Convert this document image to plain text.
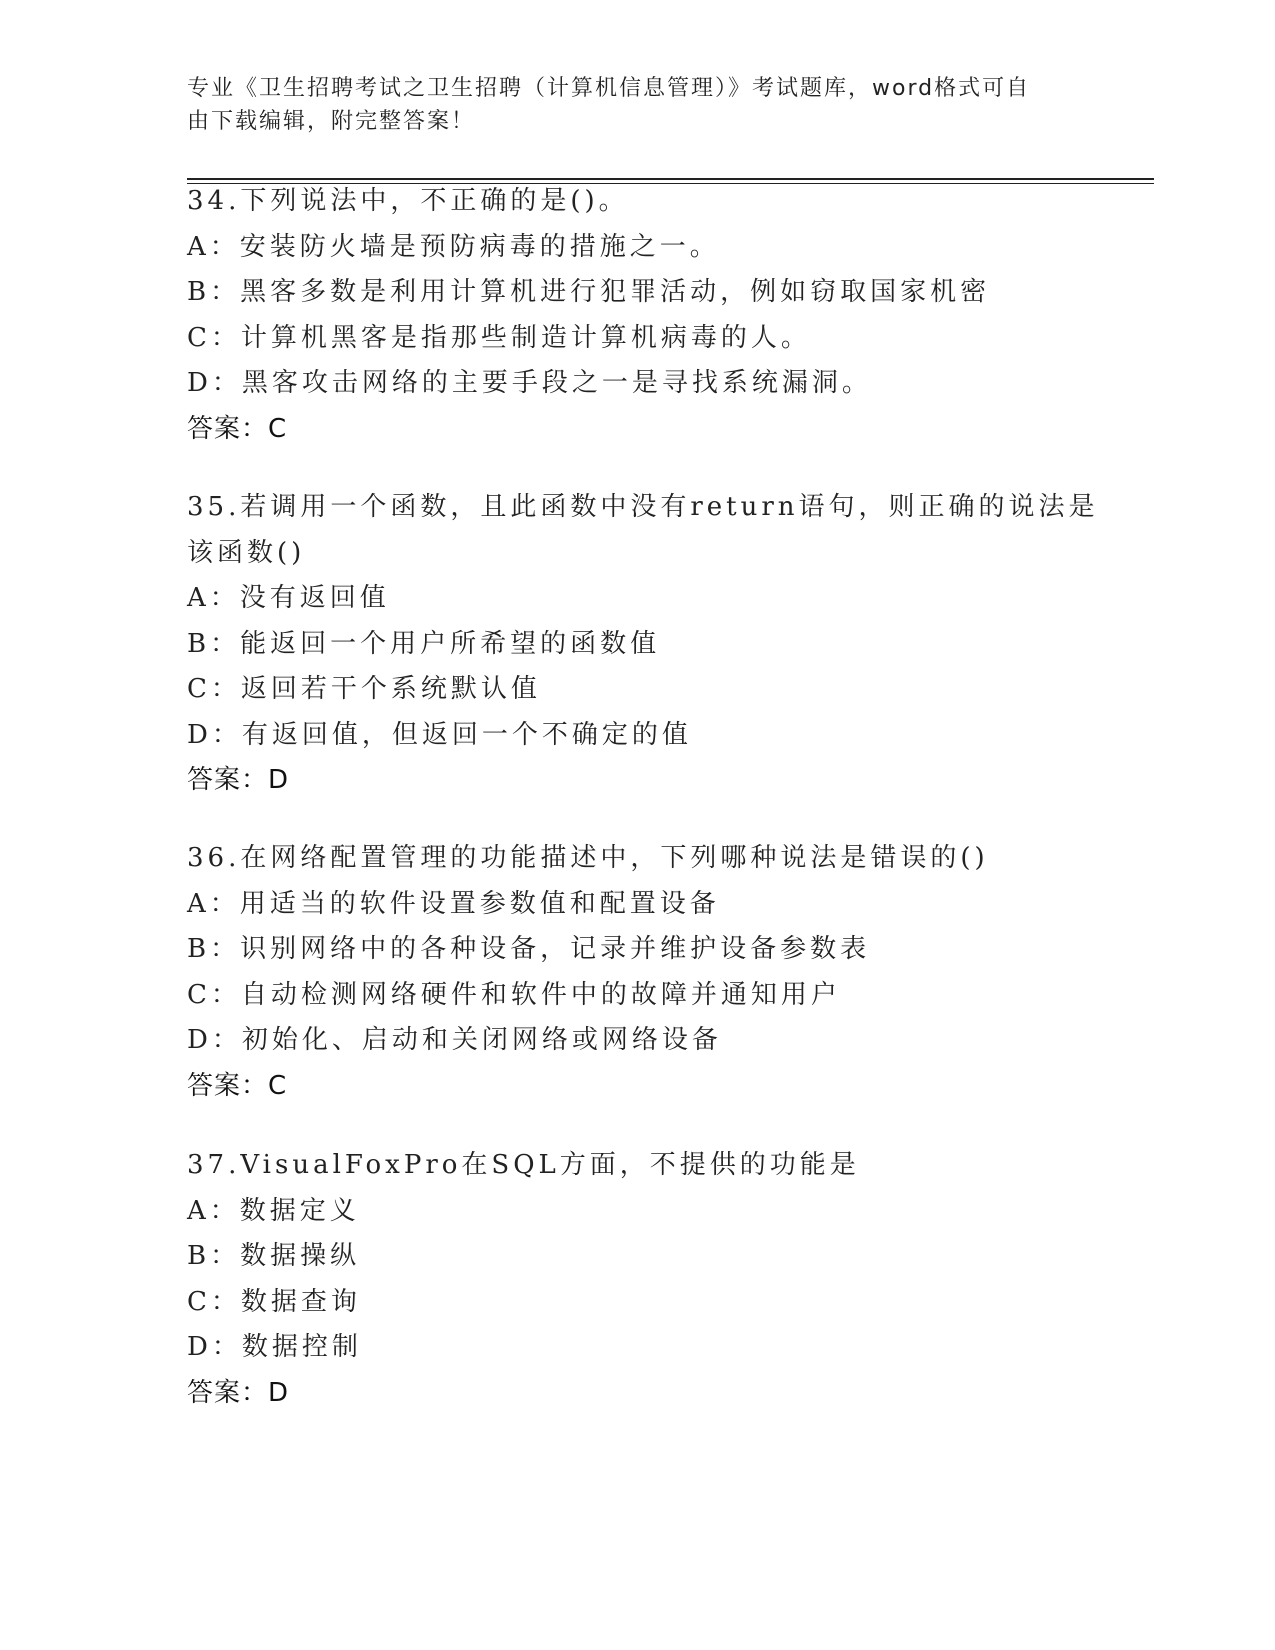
专业《卫生招聘考试之卫生招聘（计算机信息管理）》考试题库，word格式可自
由下载编辑，附完整答案！
34.下列说法中，不正确的是()。
A：安装防火墙是预防病毒的措施之一。
B：黑客多数是利用计算机进行犯罪活动，例如窃取国家机密
C：计算机黑客是指那些制造计算机病毒的人。
D：黑客攻击网络的主要手段之一是寻找系统漏洞。
答案：C
35.若调用一个函数，且此函数中没有return语句，则正确的说法是
该函数()
A：没有返回值
B：能返回一个用户所希望的函数值
C：返回若干个系统默认值
D：有返回值，但返回一个不确定的值
答案：D
36.在网络配置管理的功能描述中，下列哪种说法是错误的()
A：用适当的软件设置参数值和配置设备
B：识别网络中的各种设备，记录并维护设备参数表
C：自动检测网络硬件和软件中的故障并通知用户
D：初始化、启动和关闭网络或网络设备
答案：C
37.VisualFoxPro在SQL方面，不提供的功能是
A：数据定义
B：数据操纵
C：数据查询
D：数据控制
答案：D
